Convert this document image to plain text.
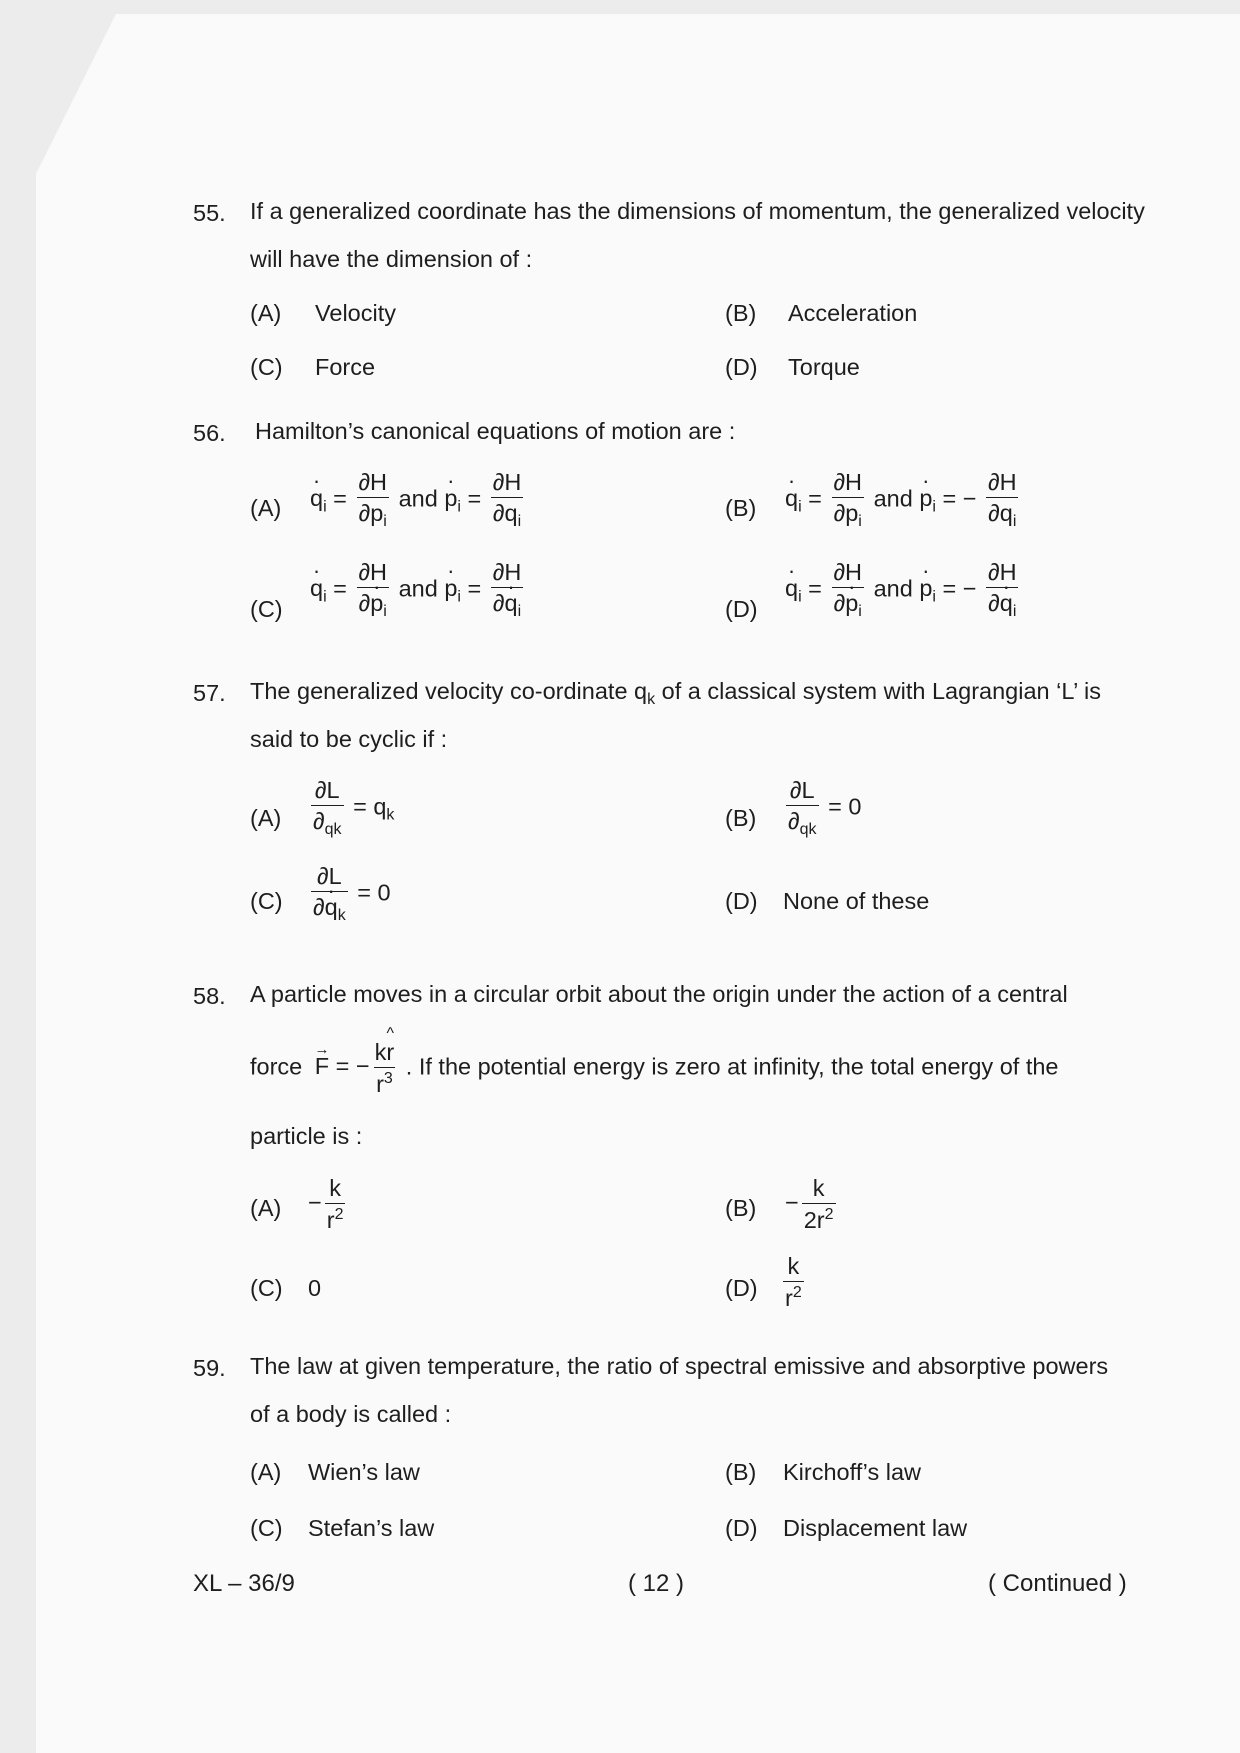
55. If a generalized coordinate has the dimensions of momentum, the generalized velocity
will have the dimension of :
(A) Velocity	(B) Acceleration
(C) Force	(D) Torque
56. Hamilton’s canonical equations of motion are :
(A)
· $q_i = \frac{\partial H}{\partial p_i}$ and · $p_i = \frac{\partial H}{\partial q_i}$	(B)
· $q_i = \frac{\partial H}{\partial p_i}$ and · $p_i$ = − $\frac{\partial H}{\partial q_i}$
(C)
· $q_i = \frac{\partial H}{\partial\cdot p_i}$ and · $p_i = \frac{\partial H}{\partial\cdot q_i}$	(D)
· $q_i = \frac{\partial H}{\partial\cdot p_i}$ and · $p_i$ = − $\frac{\partial H}{\partial\cdot q_i}$
57. The generalized velocity co-ordinate $q_k$ of a classical system with Lagrangian ‘L’ is
said to be cyclic if :
$(A) \frac{\partial L}{\partial_{qk}} = q_k$	$(B) \frac{\partial L}{\partial_{qk}} = 0$
$(C) \frac{\partial L}{\partial\cdot q_k} = 0$	(D) None of these
58. A particle moves in a circular orbit about the origin under the action of a central
force → F = − $\frac{k\^{} r}{r^3}$ . If the potential energy is zero at infinity, the total energy of the
particle is :
$(A) - \frac{k}{r^2}$	$(B) - \frac{k}{2r^2}$
(C) 0	$(D) \frac{k}{r^2}$
59. The law at given temperature, the ratio of spectral emissive and absorptive powers
of a body is called :
(A) Wien’s law	(B) Kirchoff’s law
(C) Stefan’s law	(D) Displacement law
XL – 36/9	( 12 )	( Continued )
